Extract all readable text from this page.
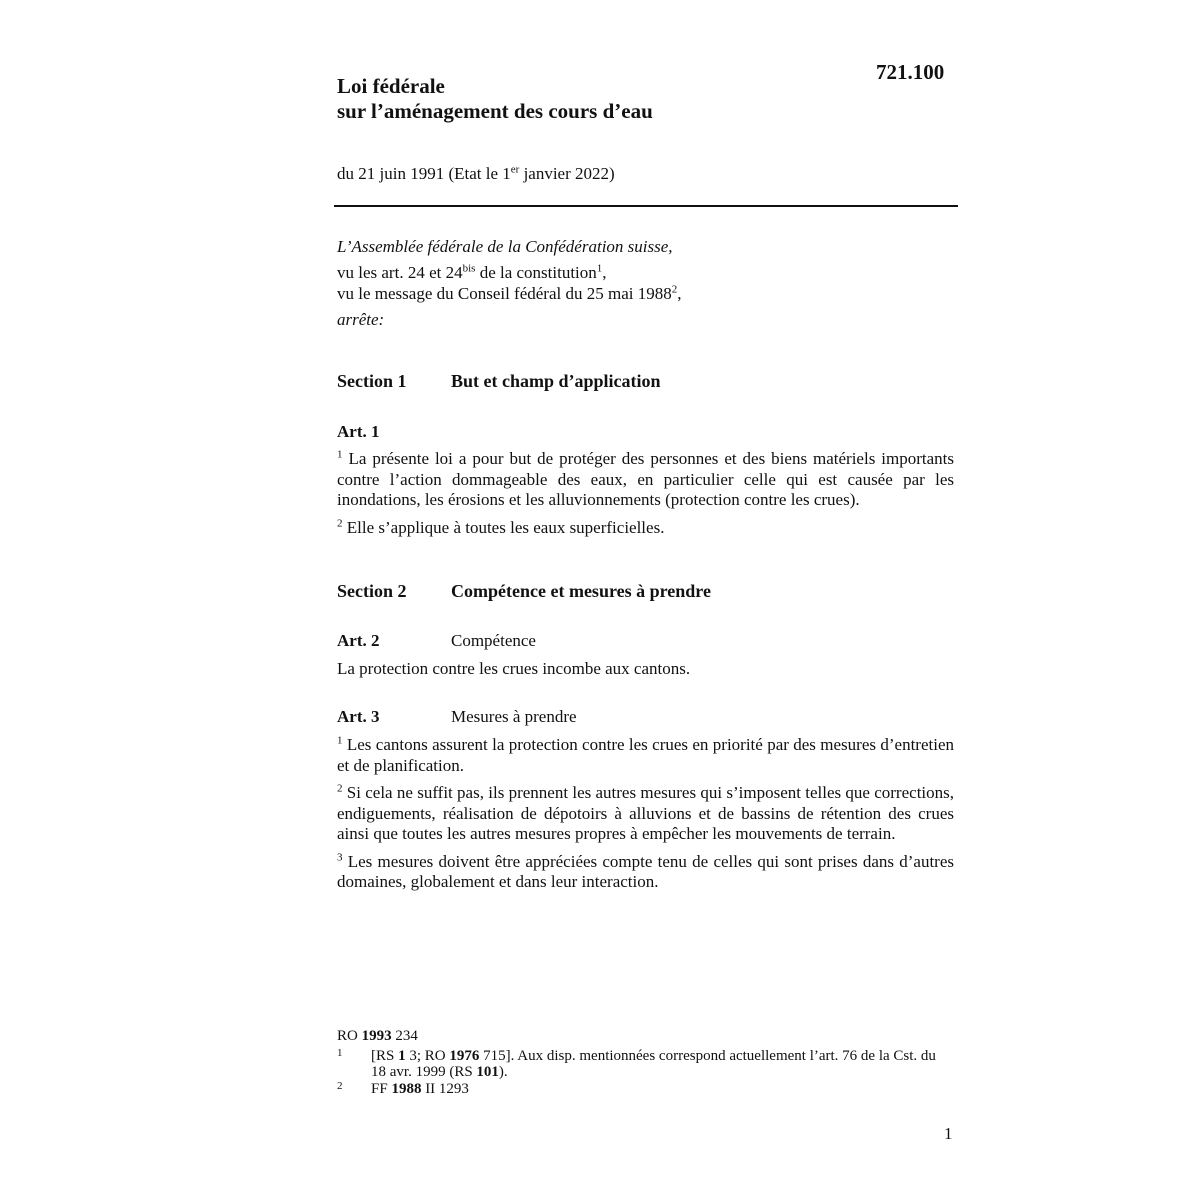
721.100
Loi fédérale
sur l’aménagement des cours d’eau
du 21 juin 1991 (Etat le 1er janvier 2022)
L’Assemblée fédérale de la Confédération suisse,
vu les art. 24 et $24^{bis}$ de la constitution$^1$,
vu le message du Conseil fédéral du 25 mai 1988$^2$,
arrête:
Section 1 But et champ d’application
Art. 1

$^1$ La présente loi a pour but de protéger des personnes et des biens matériels importants contre l’action dommageable des eaux, en particulier celle qui est causée par les inondations, les érosions et les alluvionnements (protection contre les crues).

$^2$ Elle s’applique à toutes les eaux superficielles.

Section 2 Compétence et mesures à prendre
Art. 2	Compétence

La protection contre les crues incombe aux cantons.

Art. 3	Mesures à prendre

$^1$ Les cantons assurent la protection contre les crues en priorité par des mesures d’entretien et de planification.

$^2$ Si cela ne suffit pas, ils prennent les autres mesures qui s’imposent telles que corrections, endiguements, réalisation de dépotoirs à alluvions et de bassins de rétention des crues ainsi que toutes les autres mesures propres à empêcher les mouvements de terrain.

$^3$ Les mesures doivent être appréciées compte tenu de celles qui sont prises dans d’autres domaines, globalement et dans leur interaction.

RO 1993 234
1 [RS 1 3; RO 1976 715]. Aux disp. mentionnées correspond actuellement l’art. 76 de la Cst. du 18 avr. 1999 (RS 101).
2 FF 1988 II 1293
1
